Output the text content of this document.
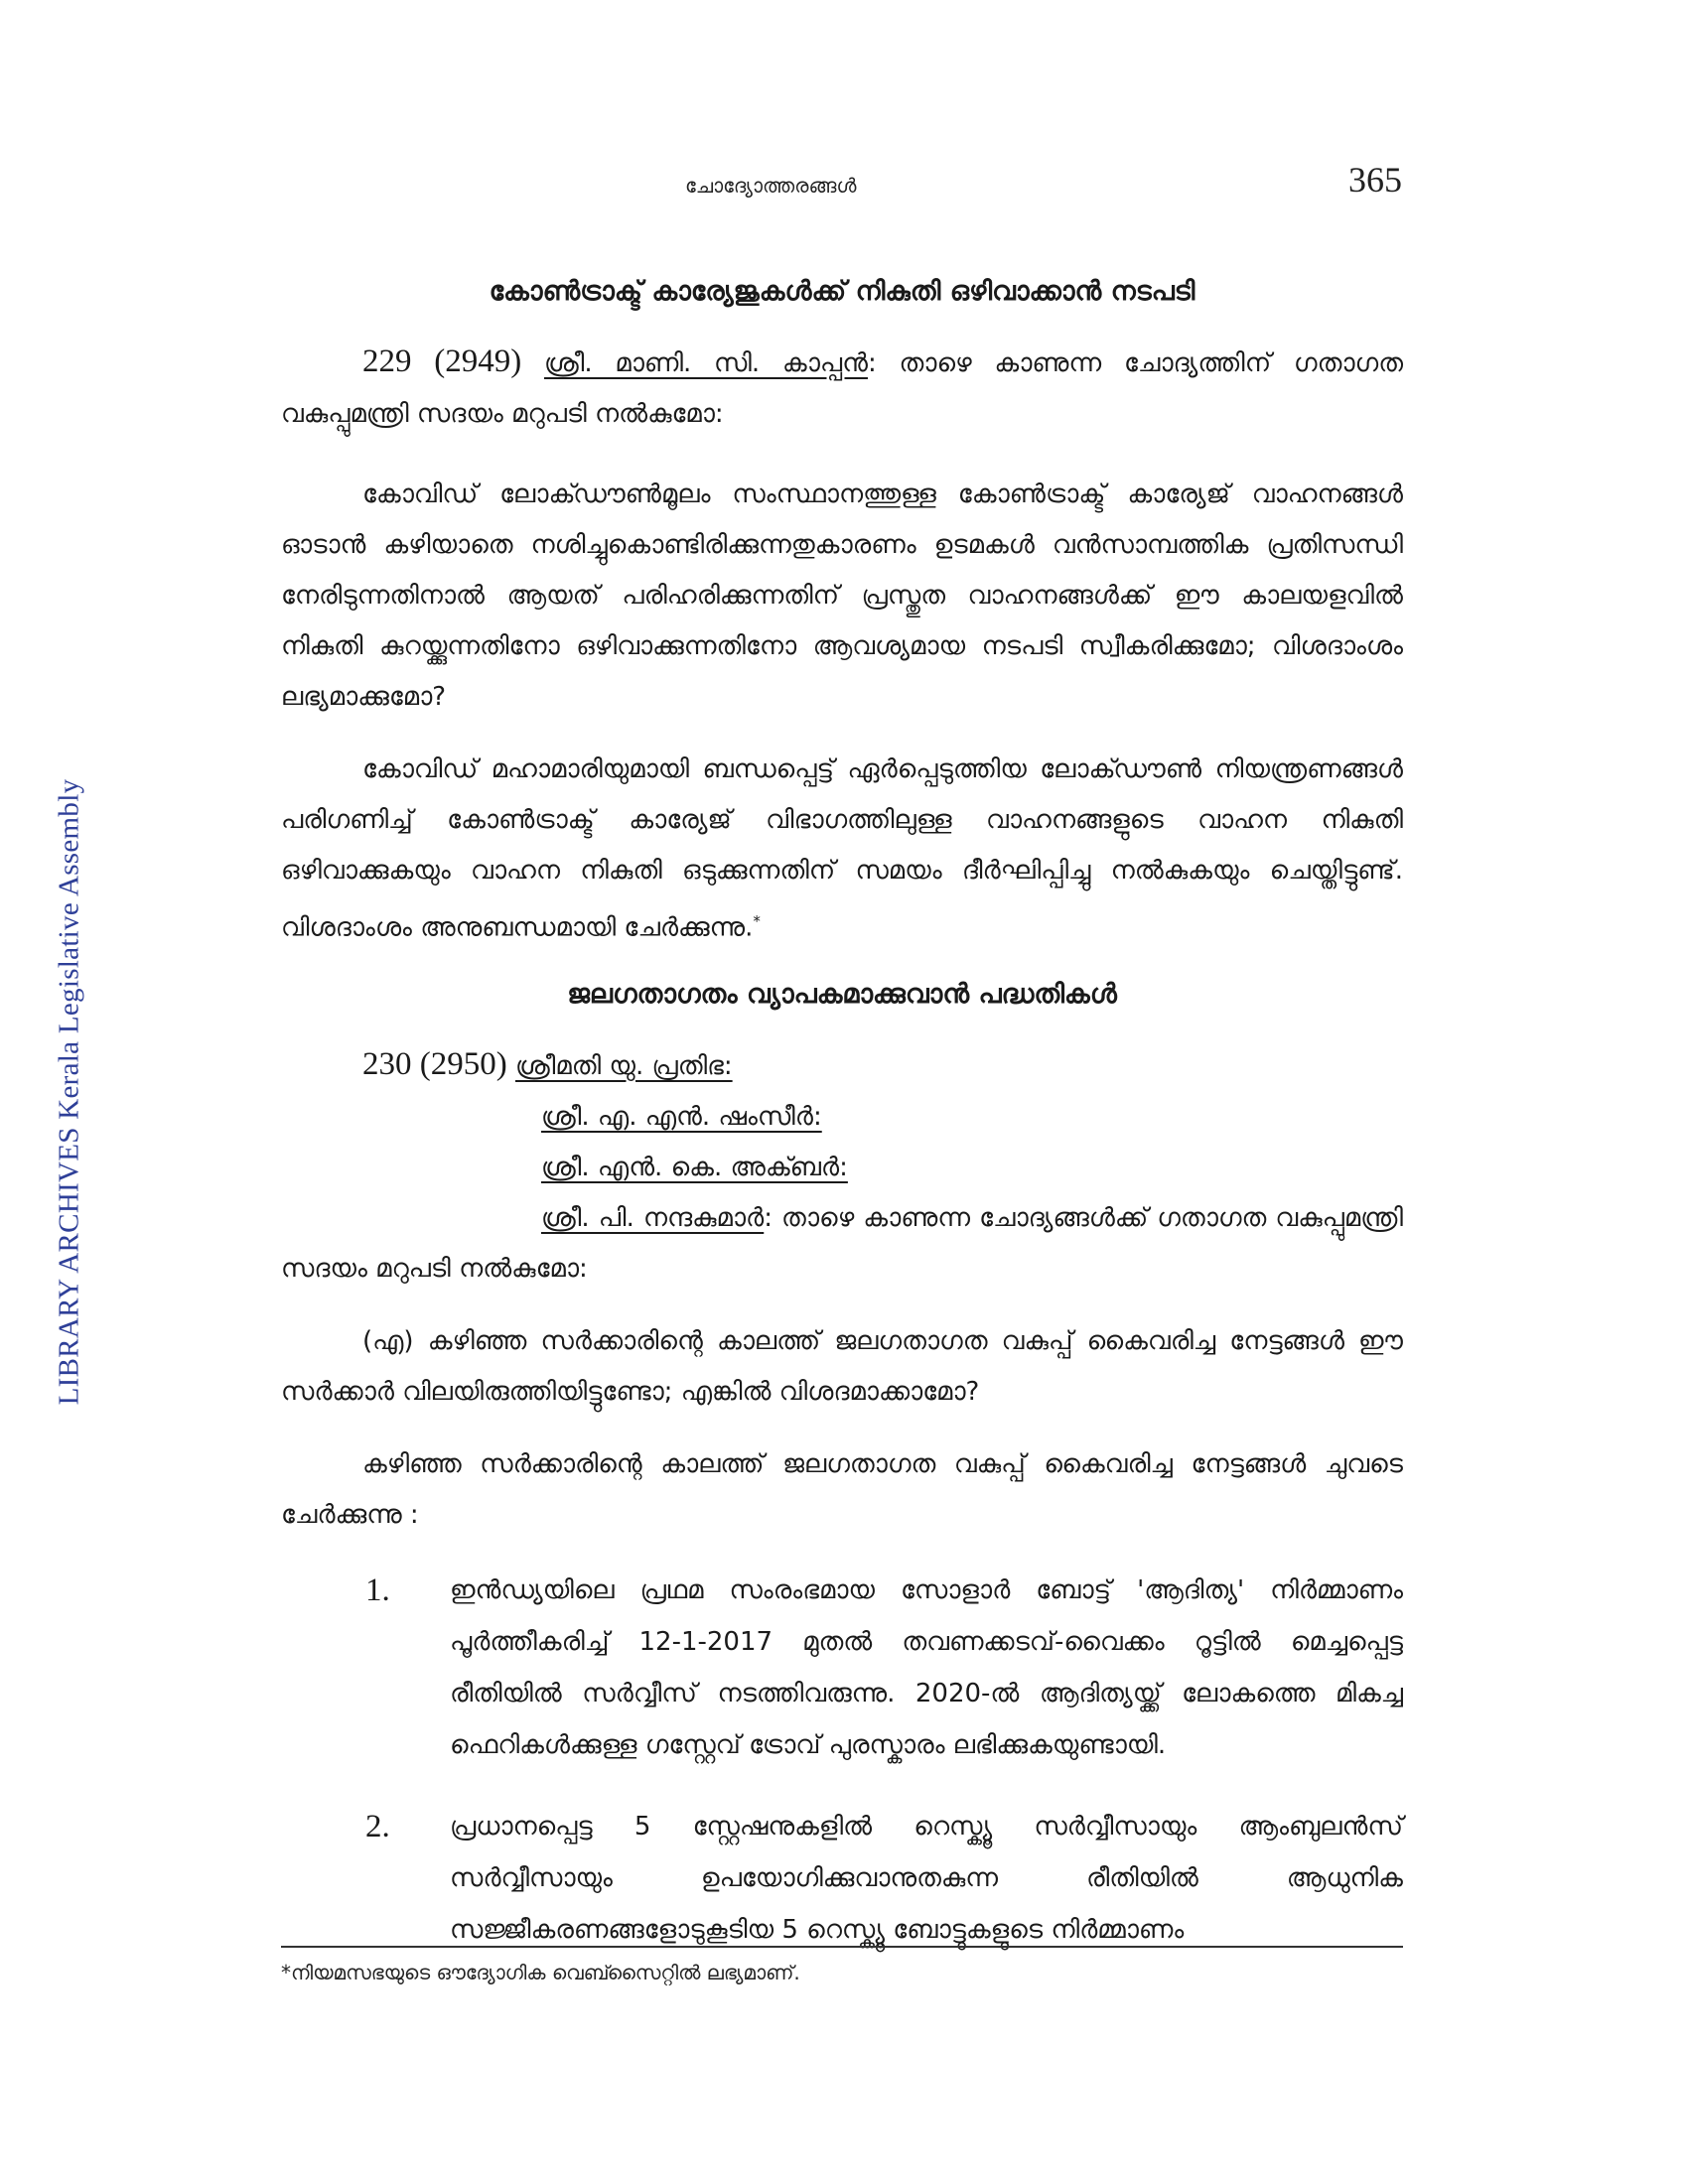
LIBRARY ARCHIVES Kerala Legislative Assembly
ചോദ്യോത്തരങ്ങൾ	365
കോൺട്രാക്ട് കാര്യേജുകൾക്ക് നികുതി ഒഴിവാക്കാൻ നടപടി

229 (2949) ശ്രീ. മാണി. സി. കാപ്പൻ: താഴെ കാണുന്ന ചോദ്യത്തിന് ഗതാഗത വകുപ്പുമന്ത്രി സദയം മറുപടി നൽകുമോ:

കോവിഡ് ലോക്ഡൗൺമൂലം സംസ്ഥാനത്തുള്ള കോൺട്രാക്ട് കാര്യേജ് വാഹനങ്ങൾ ഓടാൻ കഴിയാതെ നശിച്ചുകൊണ്ടിരിക്കുന്നതുകാരണം ഉടമകൾ വൻസാമ്പത്തിക പ്രതിസന്ധി നേരിടുന്നതിനാൽ ആയത് പരിഹരിക്കുന്നതിന് പ്രസ്തുത വാഹനങ്ങൾക്ക് ഈ കാലയളവിൽ നികുതി കുറയ്ക്കുന്നതിനോ ഒഴിവാക്കുന്നതിനോ ആവശ്യമായ നടപടി സ്വീകരിക്കുമോ; വിശദാംശം ലഭ്യമാക്കുമോ?

കോവിഡ് മഹാമാരിയുമായി ബന്ധപ്പെട്ട് ഏർപ്പെടുത്തിയ ലോക്ഡൗൺ നിയന്ത്രണങ്ങൾ പരിഗണിച്ച് കോൺട്രാക്ട് കാര്യേജ് വിഭാഗത്തിലുള്ള വാഹനങ്ങളുടെ വാഹന നികുതി ഒഴിവാക്കുകയും വാഹന നികുതി ഒടുക്കുന്നതിന് സമയം ദീർഘിപ്പിച്ചു നൽകുകയും ചെയ്തിട്ടുണ്ട്. വിശദാംശം അനുബന്ധമായി ചേർക്കുന്നു.*

ജലഗതാഗതം വ്യാപകമാക്കുവാൻ പദ്ധതികൾ
230 (2950) ശ്രീമതി യു. പ്രതിഭ:
ശ്രീ. എ. എൻ. ഷംസീർ:
ശ്രീ. എൻ. കെ. അക്ബർ:
ശ്രീ. പി. നന്ദകുമാർ: താഴെ കാണുന്ന ചോദ്യങ്ങൾക്ക് ഗതാഗത വകുപ്പുമന്ത്രി സദയം മറുപടി നൽകുമോ:

(എ) കഴിഞ്ഞ സർക്കാരിന്റെ കാലത്ത് ജലഗതാഗത വകുപ്പ് കൈവരിച്ച നേട്ടങ്ങൾ ഈ സർക്കാർ വിലയിരുത്തിയിട്ടുണ്ടോ; എങ്കിൽ വിശദമാക്കാമോ?

കഴിഞ്ഞ സർക്കാരിന്റെ കാലത്ത് ജലഗതാഗത വകുപ്പ് കൈവരിച്ച നേട്ടങ്ങൾ ചുവടെ ചേർക്കുന്നു :

1. ഇൻഡ്യയിലെ പ്രഥമ സംരംഭമായ സോളാർ ബോട്ട് 'ആദിത്യ' നിർമ്മാണം പൂർത്തീകരിച്ച് 12-1-2017 മുതൽ തവണക്കടവ്-വൈക്കം റൂട്ടിൽ മെച്ചപ്പെട്ട രീതിയിൽ സർവ്വീസ് നടത്തിവരുന്നു. 2020-ൽ ആദിത്യയ്ക്ക് ലോകത്തെ മികച്ച ഫെറികൾക്കുള്ള ഗസ്റ്റേവ് ട്രോവ് പുരസ്കാരം ലഭിക്കുകയുണ്ടായി.
2. പ്രധാനപ്പെട്ട 5 സ്റ്റേഷനുകളിൽ റെസ്ക്യൂ സർവ്വീസായും ആംബുലൻസ് സർവ്വീസായും ഉപയോഗിക്കുവാനുതകുന്ന രീതിയിൽ ആധുനിക സജ്ജീകരണങ്ങളോടുകൂടിയ 5 റെസ്ക്യൂ ബോട്ടുകളുടെ നിർമ്മാണം
*നിയമസഭയുടെ ഔദ്യോഗിക വെബ്സൈറ്റിൽ ലഭ്യമാണ്.
